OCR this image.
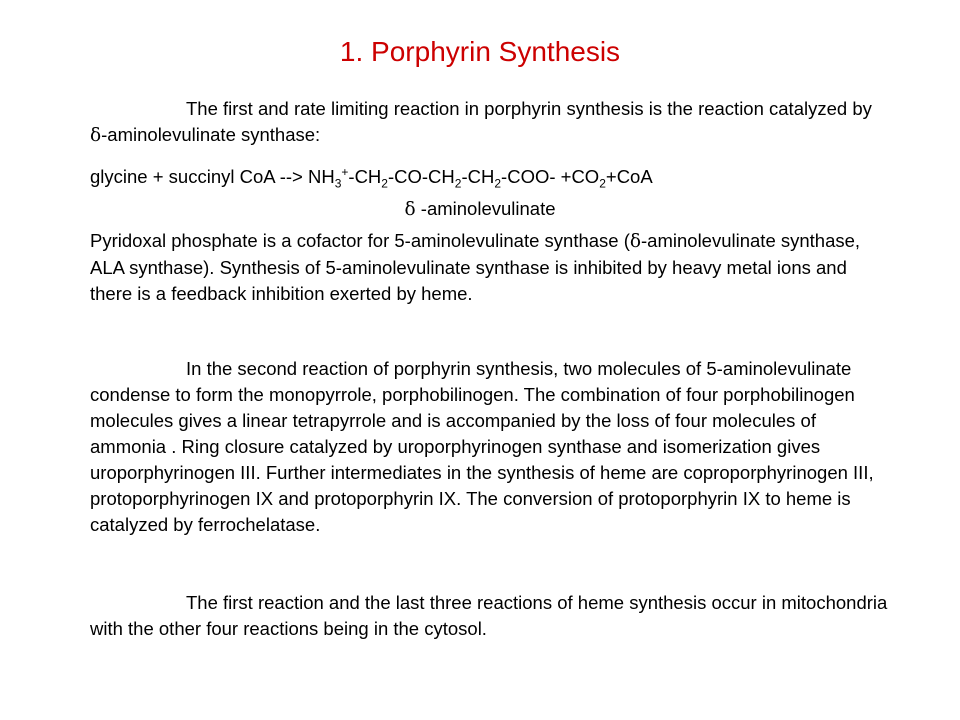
1. Porphyrin Synthesis
The first and rate limiting reaction in porphyrin synthesis is the reaction catalyzed by δ-aminolevulinate synthase:
glycine + succinyl CoA --> $NH_3^+-CH_2-CO-CH_2-CH_2-COO- +CO_2+CoA$
δ -aminolevulinate
Pyridoxal phosphate is a cofactor for 5-aminolevulinate synthase (δ-aminolevulinate synthase, ALA synthase). Synthesis of 5-aminolevulinate synthase is inhibited by heavy metal ions and there is a feedback inhibition exerted by heme.
In the second reaction of porphyrin synthesis, two molecules of 5-aminolevulinate condense to form the monopyrrole, porphobilinogen. The combination of four porphobilinogen molecules gives a linear tetrapyrrole and is accompanied by the loss of four molecules of ammonia . Ring closure catalyzed by uroporphyrinogen synthase and isomerization gives uroporphyrinogen III. Further intermediates in the synthesis of heme are coproporphyrinogen III, protoporphyrinogen IX and protoporphyrin IX. The conversion of protoporphyrin IX to heme is catalyzed by ferrochelatase.
The first reaction and the last three reactions of heme synthesis occur in mitochondria with the other four reactions being in the cytosol.
